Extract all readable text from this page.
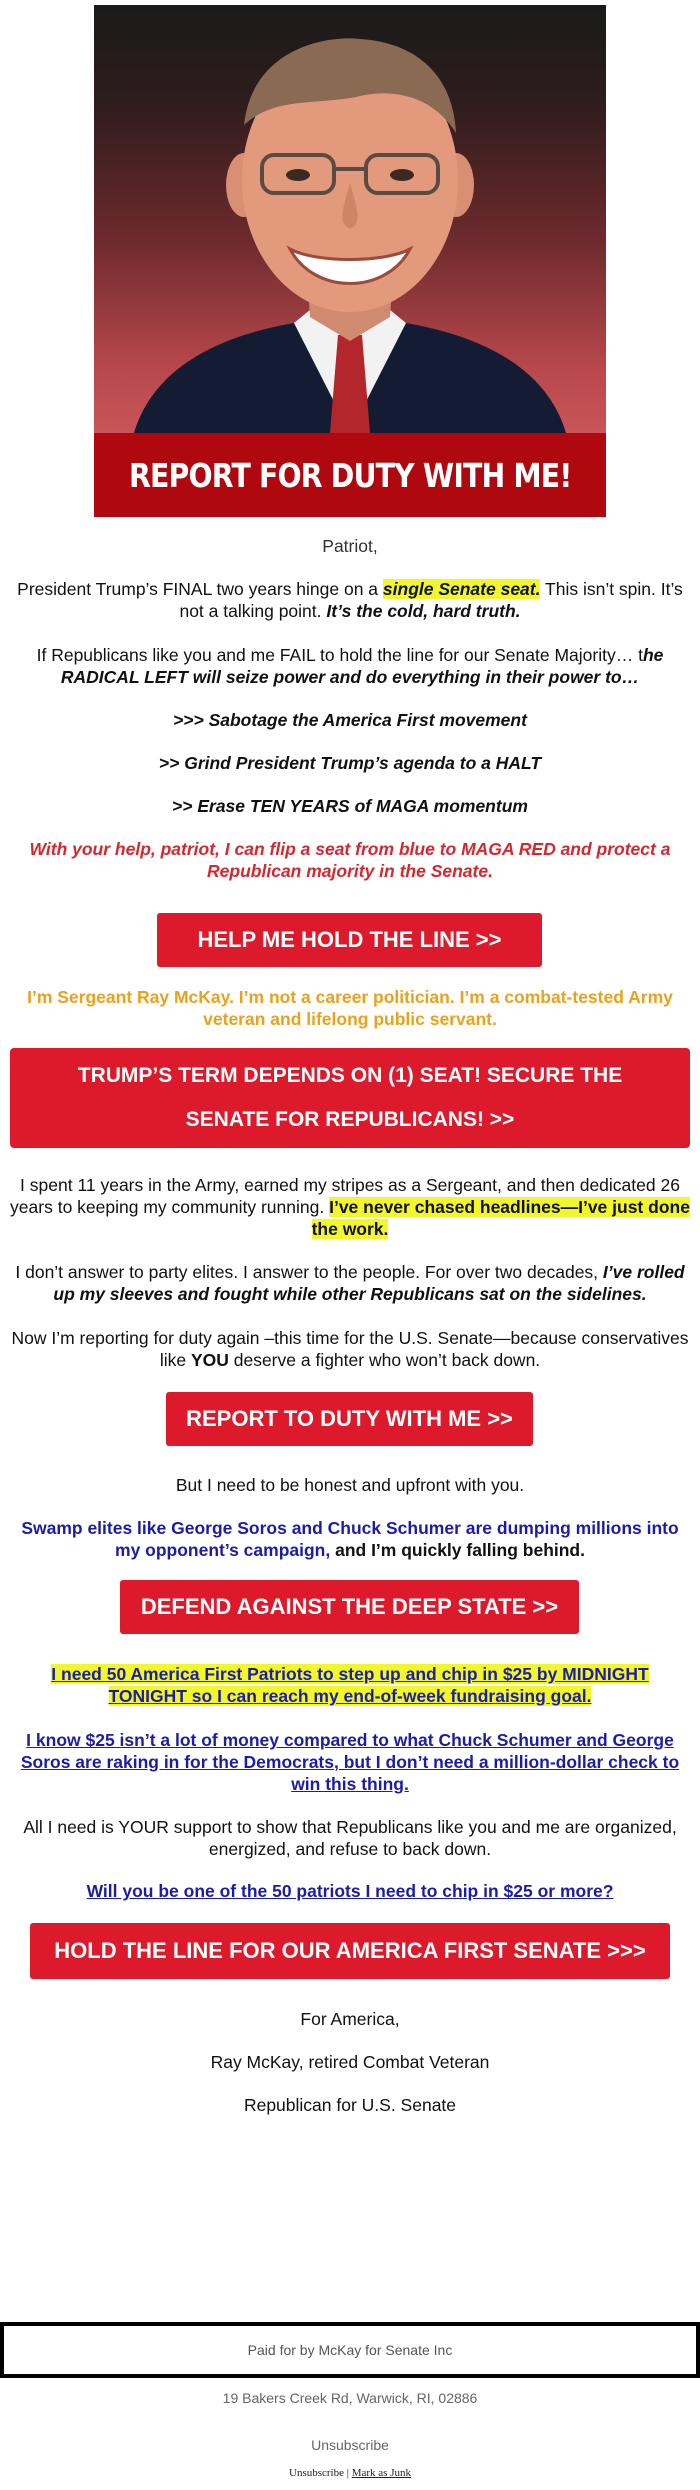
REPORT FOR DUTY WITH ME!

Patriot,

President Trump’s FINAL two years hinge on a single Senate seat. This isn’t spin. It’s not a talking point. It’s the cold, hard truth.

If Republicans like you and me FAIL to hold the line for our Senate Majority… the RADICAL LEFT will seize power and do everything in their power to…

>>> Sabotage the America First movement

>> Grind President Trump’s agenda to a HALT

>> Erase TEN YEARS of MAGA momentum

With your help, patriot, I can flip a seat from blue to MAGA RED and protect a Republican majority in the Senate.

HELP ME HOLD THE LINE >>

I’m Sergeant Ray McKay. I’m not a career politician. I’m a combat-tested Army veteran and lifelong public servant.

TRUMP’S TERM DEPENDS ON (1) SEAT! SECURE THE SENATE FOR REPUBLICANS! >>

I spent 11 years in the Army, earned my stripes as a Sergeant, and then dedicated 26 years to keeping my community running. I’ve never chased headlines—I’ve just done the work.

I don’t answer to party elites. I answer to the people. For over two decades, I’ve rolled up my sleeves and fought while other Republicans sat on the sidelines.

Now I’m reporting for duty again –this time for the U.S. Senate—because conservatives like YOU deserve a fighter who won’t back down.

REPORT TO DUTY WITH ME >>

But I need to be honest and upfront with you.

Swamp elites like George Soros and Chuck Schumer are dumping millions into my opponent’s campaign, and I’m quickly falling behind.

DEFEND AGAINST THE DEEP STATE >>

I need 50 America First Patriots to step up and chip in $25 by MIDNIGHT TONIGHT so I can reach my end-of-week fundraising goal.

I know $25 isn’t a lot of money compared to what Chuck Schumer and George Soros are raking in for the Democrats, but I don’t need a million-dollar check to win this thing.

All I need is YOUR support to show that Republicans like you and me are organized, energized, and refuse to back down.

Will you be one of the 50 patriots I need to chip in $25 or more?

HOLD THE LINE FOR OUR AMERICA FIRST SENATE >>>

For America,

Ray McKay, retired Combat Veteran

Republican for U.S. Senate

Paid for by McKay for Senate Inc
19 Bakers Creek Rd, Warwick, RI, 02886
Unsubscribe
Unsubscribe | Mark as Junk
